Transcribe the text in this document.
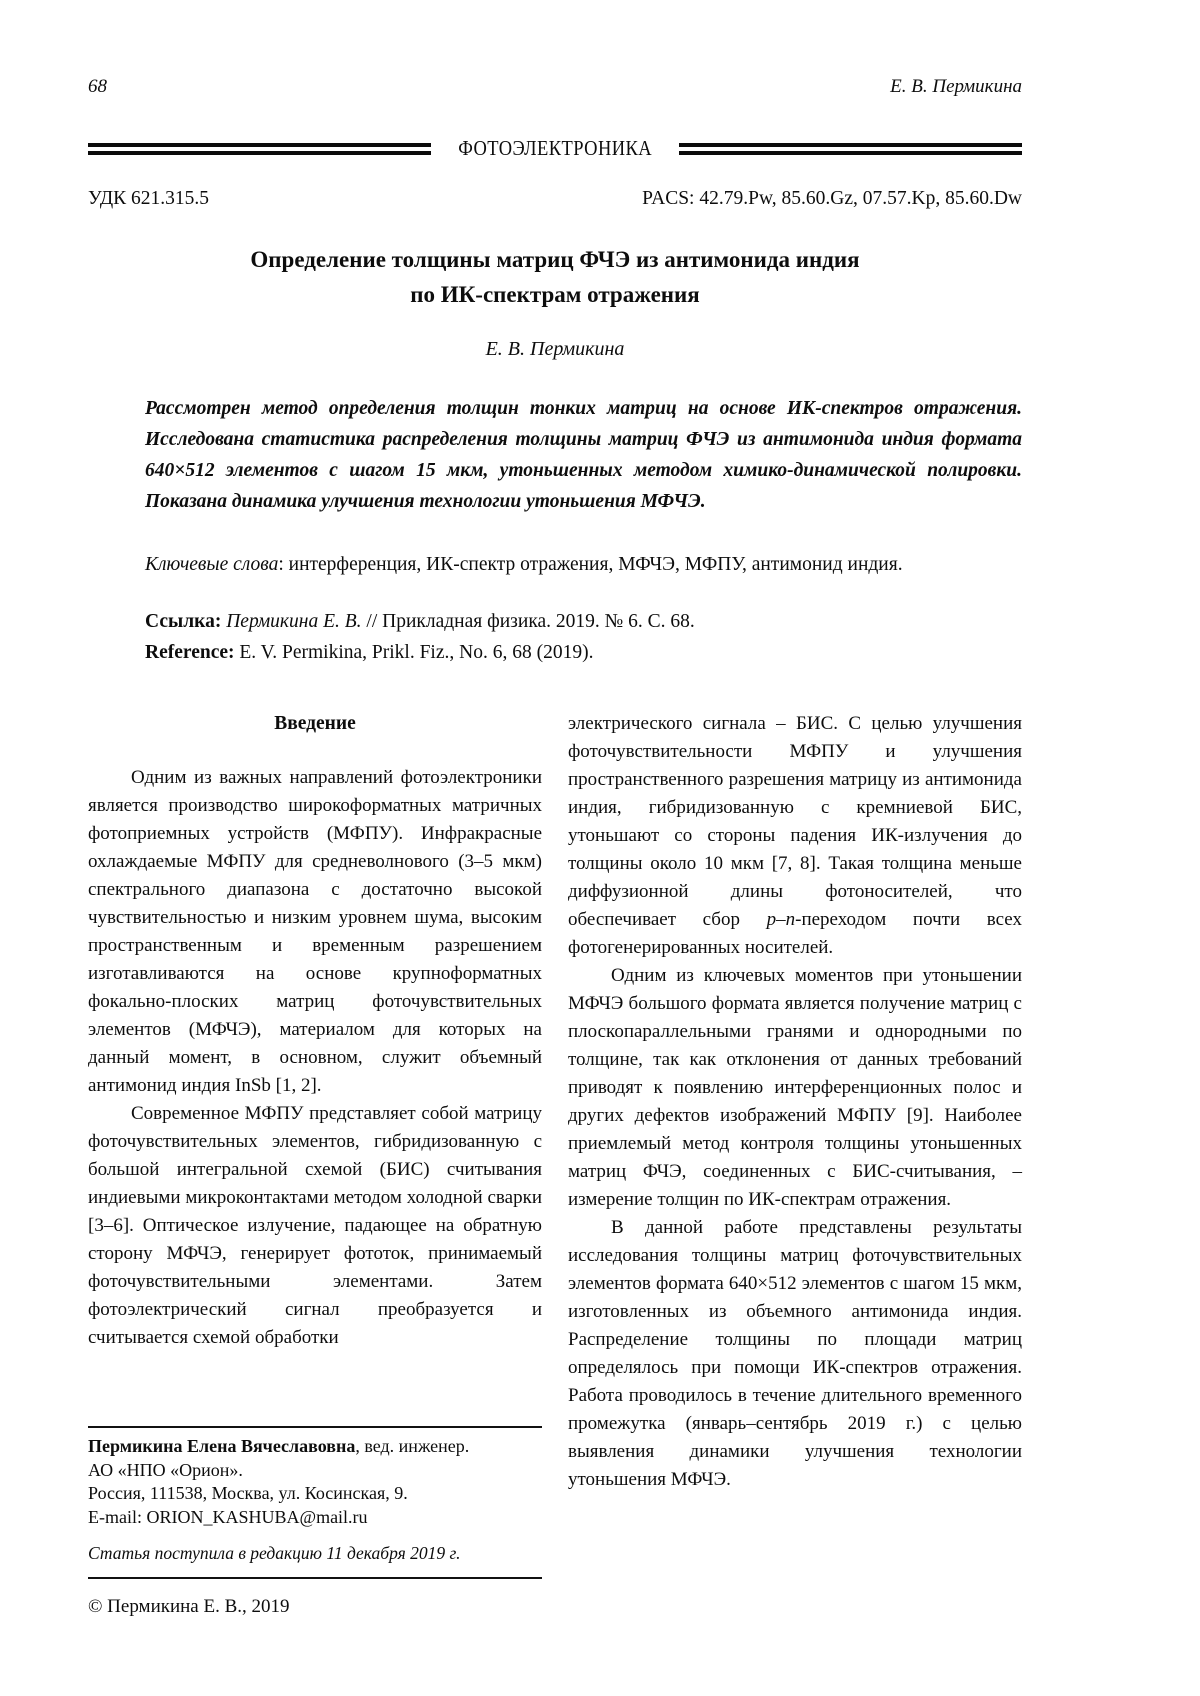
68	Е. В. Пермикина
ФОТОЭЛЕКТРОНИКА
УДК 621.315.5	PACS: 42.79.Pw, 85.60.Gz, 07.57.Kp, 85.60.Dw
Определение толщины матриц ФЧЭ из антимонида индия
по ИК-спектрам отражения
Е. В. Пермикина
Рассмотрен метод определения толщин тонких матриц на основе ИК-спектров отражения. Исследована статистика распределения толщины матриц ФЧЭ из антимонида индия формата 640×512 элементов с шагом 15 мкм, утоньшенных методом химико-динамической полировки. Показана динамика улучшения технологии утоньшения МФЧЭ.
Ключевые слова: интерференция, ИК-спектр отражения, МФЧЭ, МФПУ, антимонид индия.
Ссылка: Пермикина Е. В. // Прикладная физика. 2019. № 6. С. 68.
Reference: E. V. Permikina, Prikl. Fiz., No. 6, 68 (2019).
Введение

Одним из важных направлений фотоэлектроники является производство широкоформатных матричных фотоприемных устройств (МФПУ). Инфракрасные охлаждаемые МФПУ для средневолнового (3–5 мкм) спектрального диапазона с достаточно высокой чувствительностью и низким уровнем шума, высоким пространственным и временным разрешением изготавливаются на основе крупноформатных фокально-плоских матриц фоточувствительных элементов (МФЧЭ), материалом для которых на данный момент, в основном, служит объемный антимонид индия InSb [1, 2].

Современное МФПУ представляет собой матрицу фоточувствительных элементов, гибридизованную с большой интегральной схемой (БИС) считывания индиевыми микроконтактами методом холодной сварки [3–6]. Оптическое излучение, падающее на обратную сторону МФЧЭ, генерирует фототок, принимаемый фоточувствительными элементами. Затем фотоэлектрический сигнал преобразуется и считывается схемой обработки

Пермикина Елена Вячеславовна, вед. инженер.
АО «НПО «Орион».
Россия, 111538, Москва, ул. Косинская, 9.
E-mail: ORION_KASHUBA@mail.ru
Статья поступила в редакцию 11 декабря 2019 г.
© Пермикина Е. В., 2019

электрического сигнала – БИС. С целью улучшения фоточувствительности МФПУ и улучшения пространственного разрешения матрицу из антимонида индия, гибридизованную с кремниевой БИС, утоньшают со стороны падения ИК-излучения до толщины около 10 мкм [7, 8]. Такая толщина меньше диффузионной длины фотоносителей, что обеспечивает сбор p–n-переходом почти всех фотогенерированных носителей.

Одним из ключевых моментов при утоньшении МФЧЭ большого формата является получение матриц с плоскопараллельными гранями и однородными по толщине, так как отклонения от данных требований приводят к появлению интерференционных полос и других дефектов изображений МФПУ [9]. Наиболее приемлемый метод контроля толщины утоньшенных матриц ФЧЭ, соединенных с БИС-считывания, – измерение толщин по ИК-спектрам отражения.

В данной работе представлены результаты исследования толщины матриц фоточувствительных элементов формата 640×512 элементов с шагом 15 мкм, изготовленных из объемного антимонида индия. Распределение толщины по площади матриц определялось при помощи ИК-спектров отражения. Работа проводилось в течение длительного временного промежутка (январь–сентябрь 2019 г.) с целью выявления динамики улучшения технологии утоньшения МФЧЭ.
